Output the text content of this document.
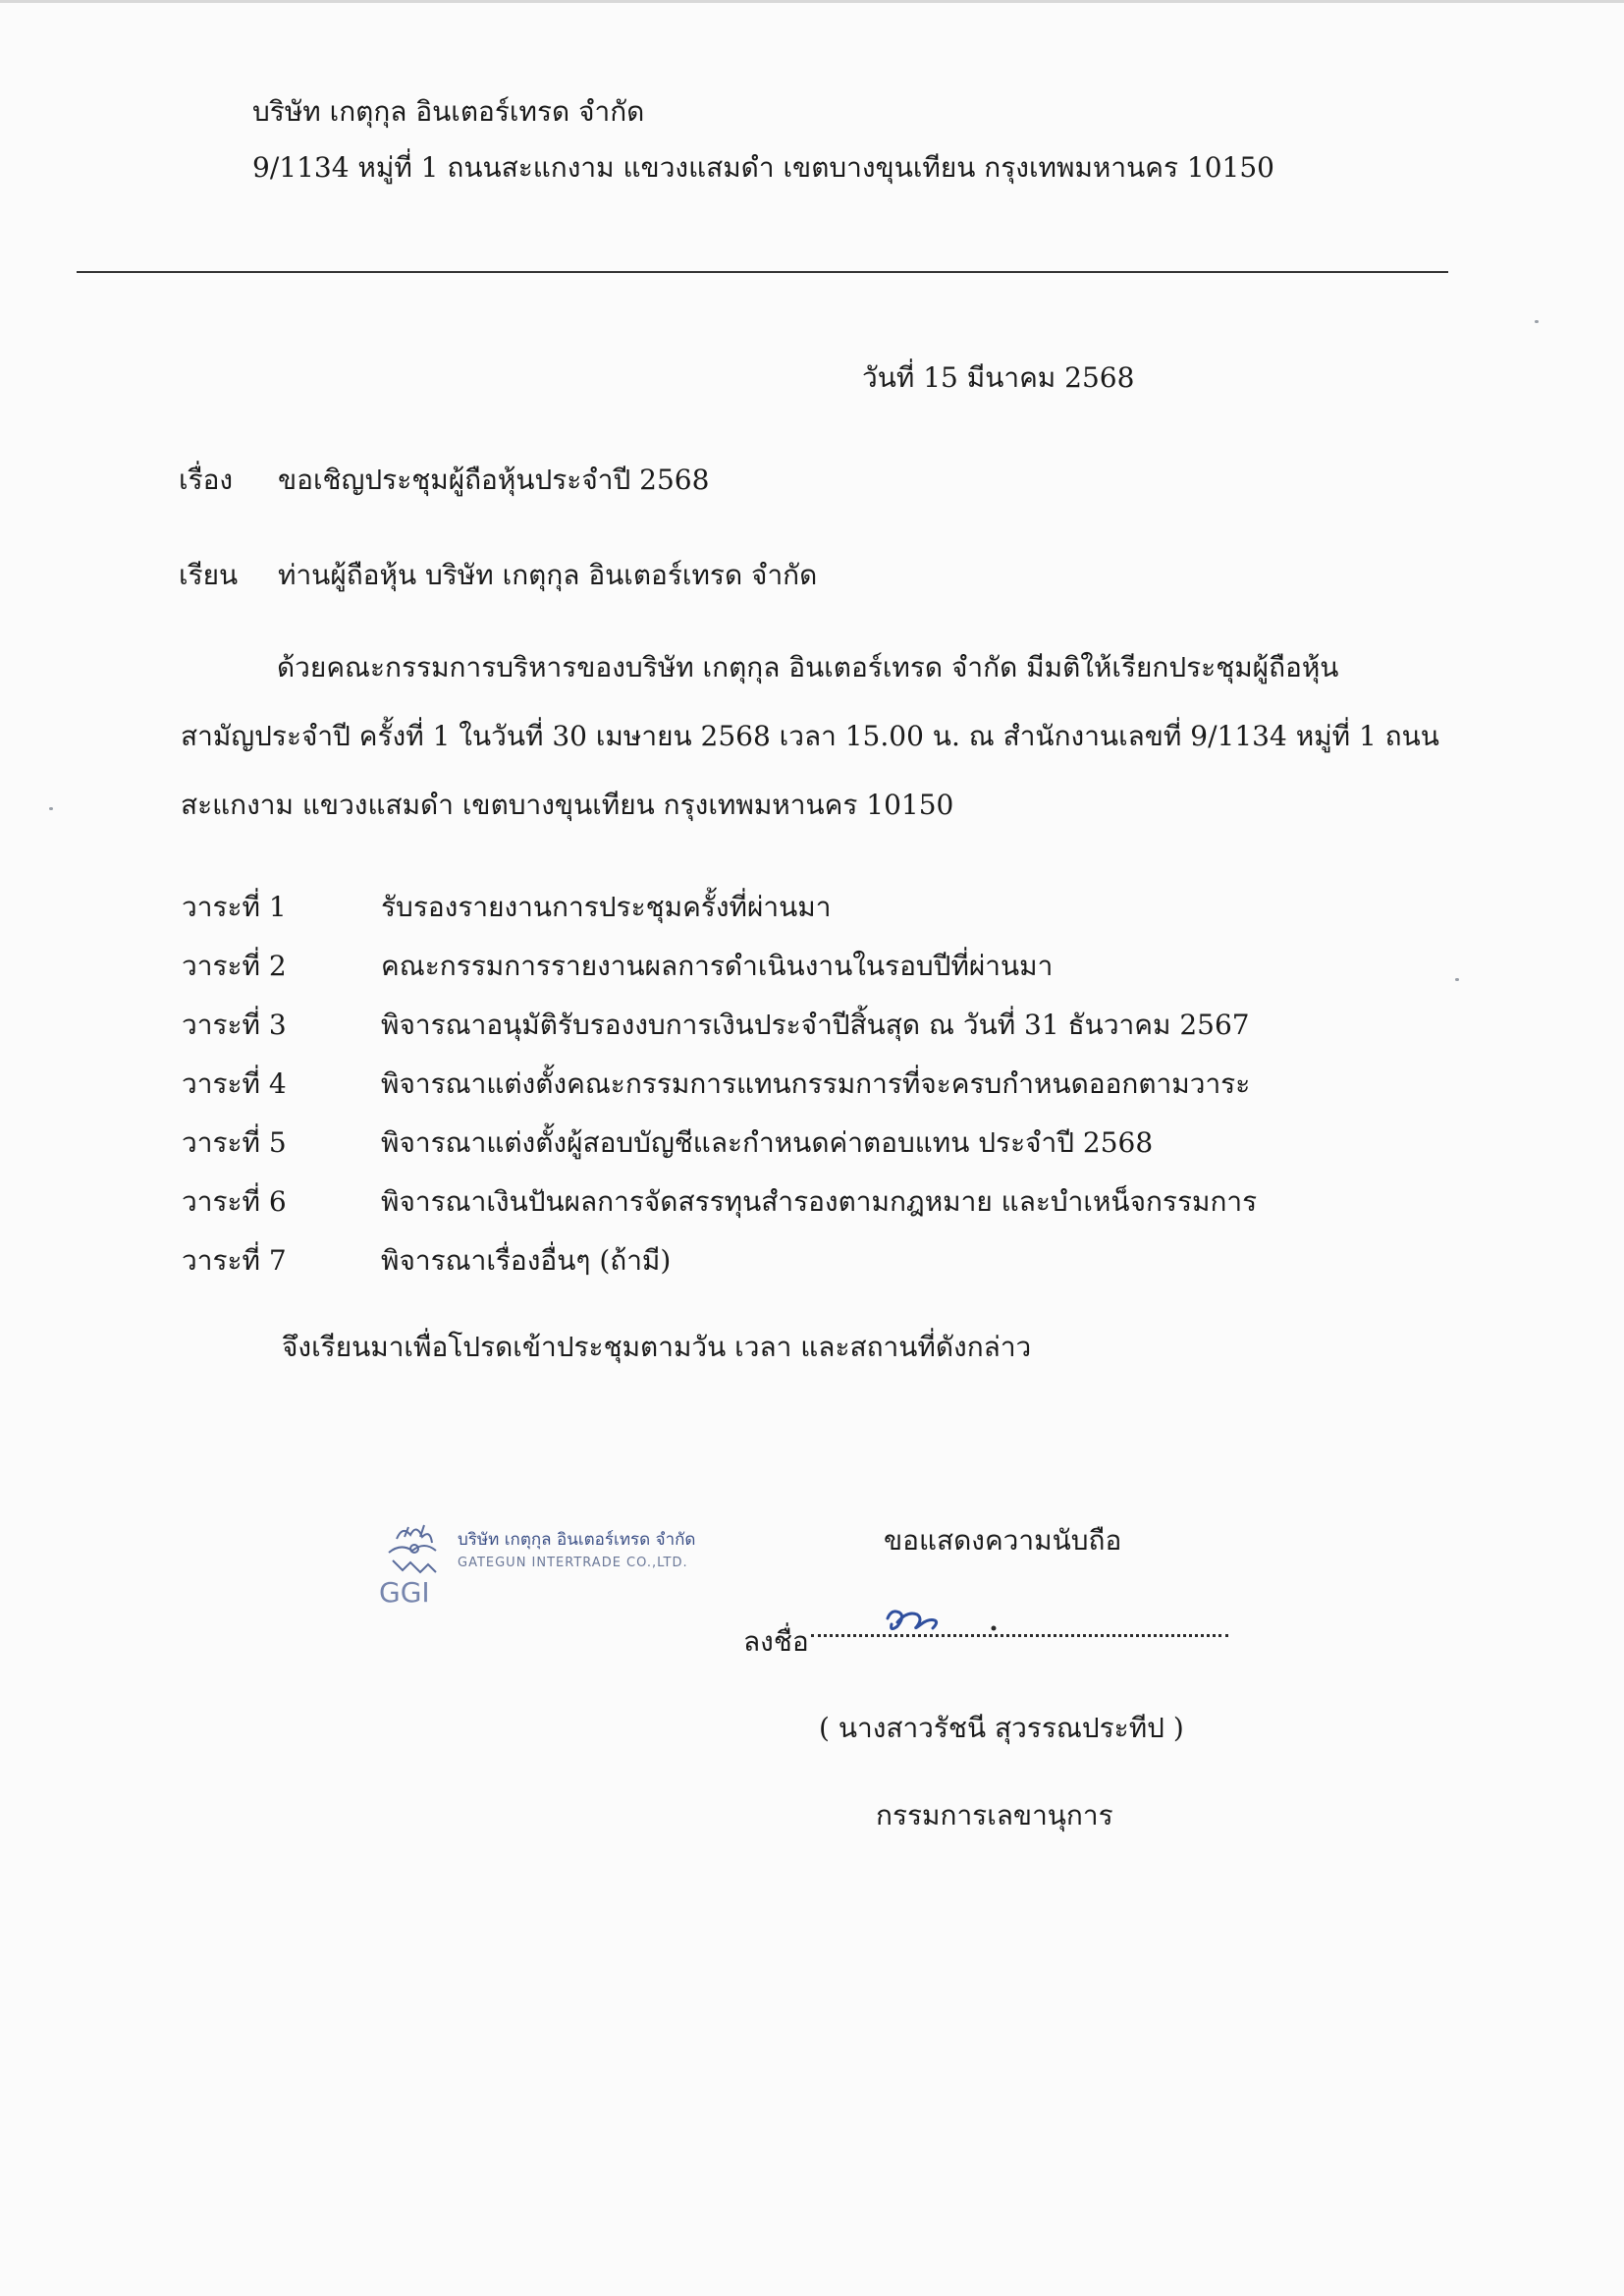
บริษัท เกตุกุล อินเตอร์เทรด จำกัด
9/1134 หมู่ที่ 1 ถนนสะแกงาม แขวงแสมดำ เขตบางขุนเทียน กรุงเทพมหานคร 10150
วันที่ 15 มีนาคม 2568
เรื่อง ขอเชิญประชุมผู้ถือหุ้นประจำปี 2568
เรียน ท่านผู้ถือหุ้น บริษัท เกตุกุล อินเตอร์เทรด จำกัด
ด้วยคณะกรรมการบริหารของบริษัท เกตุกุล อินเตอร์เทรด จำกัด มีมติให้เรียกประชุมผู้ถือหุ้น
สามัญประจำปี ครั้งที่ 1 ในวันที่ 30 เมษายน 2568 เวลา 15.00 น. ณ สำนักงานเลขที่ 9/1134 หมู่ที่ 1 ถนน
สะแกงาม แขวงแสมดำ เขตบางขุนเทียน กรุงเทพมหานคร 10150
วาระที่ 1	รับรองรายงานการประชุมครั้งที่ผ่านมา
วาระที่ 2	คณะกรรมการรายงานผลการดำเนินงานในรอบปีที่ผ่านมา
วาระที่ 3	พิจารณาอนุมัติรับรองงบการเงินประจำปีสิ้นสุด ณ วันที่ 31 ธันวาคม 2567
วาระที่ 4	พิจารณาแต่งตั้งคณะกรรมการแทนกรรมการที่จะครบกำหนดออกตามวาระ
วาระที่ 5	พิจารณาแต่งตั้งผู้สอบบัญชีและกำหนดค่าตอบแทน ประจำปี 2568
วาระที่ 6	พิจารณาเงินปันผลการจัดสรรทุนสำรองตามกฎหมาย และบำเหน็จกรรมการ
วาระที่ 7	พิจารณาเรื่องอื่นๆ (ถ้ามี)
จึงเรียนมาเพื่อโปรดเข้าประชุมตามวัน เวลา และสถานที่ดังกล่าว
GGI
บริษัท เกตุกุล อินเตอร์เทรด จำกัด
GATEGUN INTERTRADE CO.,LTD.
ขอแสดงความนับถือ
ลงชื่อ
( นางสาวรัชนี สุวรรณประทีป )
กรรมการเลขานุการ
